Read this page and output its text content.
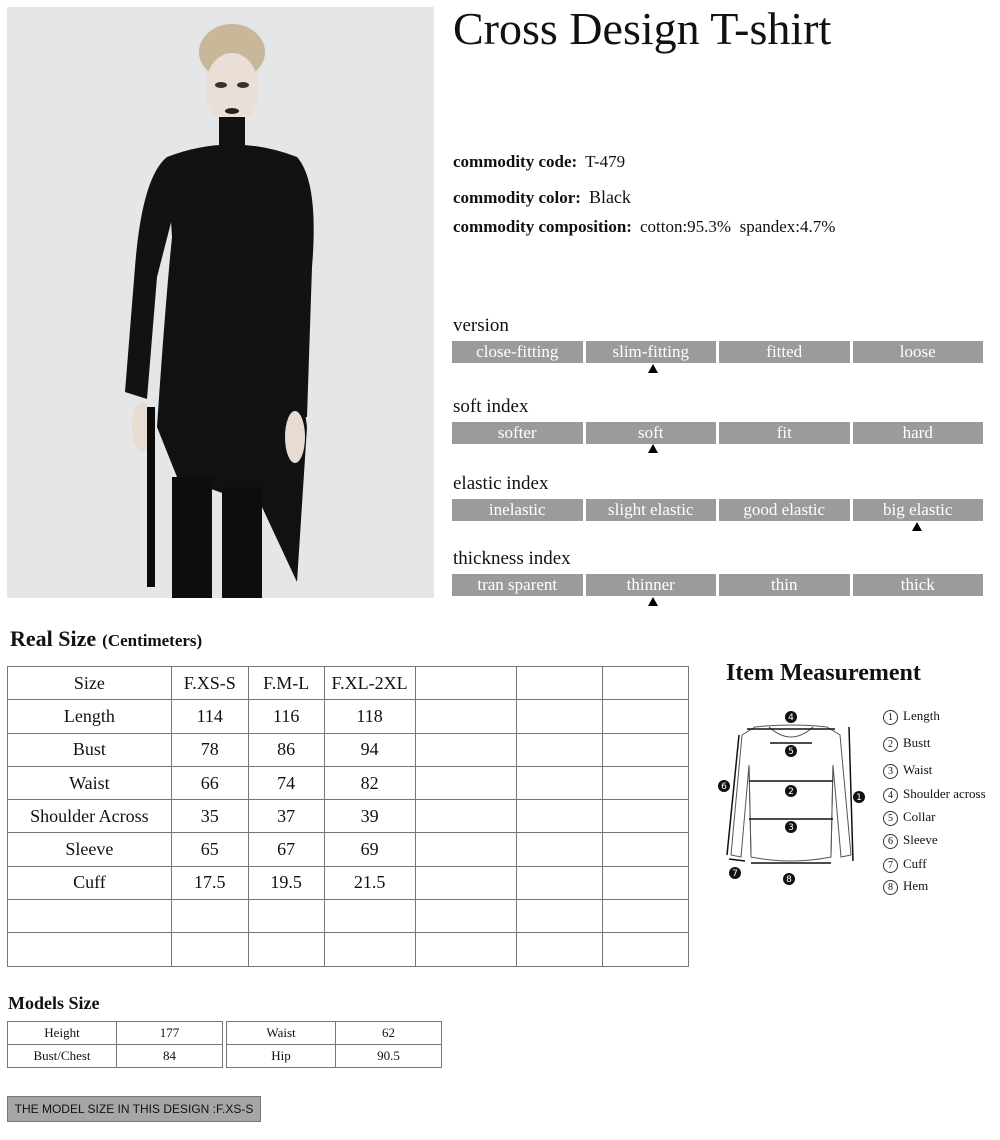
Cross Design T-shirt
commodity code: T-479
commodity color: Black
commodity composition: cotton:95.3%  spandex:4.7%
version
close-fitting	slim-fitting	fitted	loose
soft index
softer	soft	fit	hard
elastic index
inelastic	slight elastic	good elastic	big elastic
thickness index
tran sparent	thinner	thin	thick
Real Size (Centimeters)
Size	F.XS-S	F.M-L	F.XL-2XL			
Length	114	116	118			
Bust	78	86	94			
Waist	66	74	82			
Shoulder Across	35	37	39			
Sleeve	65	67	69			
Cuff	17.5	19.5	21.5			

Item Measurement
4
5
2
3
1
6
7
8
1 Length
2 Bustt
3 Waist
4 Shoulder across
5 Collar
6 Sleeve
7 Cuff
8 Hem
Models Size
Height	177
Bust/Chest	84
Waist	62
Hip	90.5
THE MODEL SIZE IN THIS DESIGN :F.XS-S
